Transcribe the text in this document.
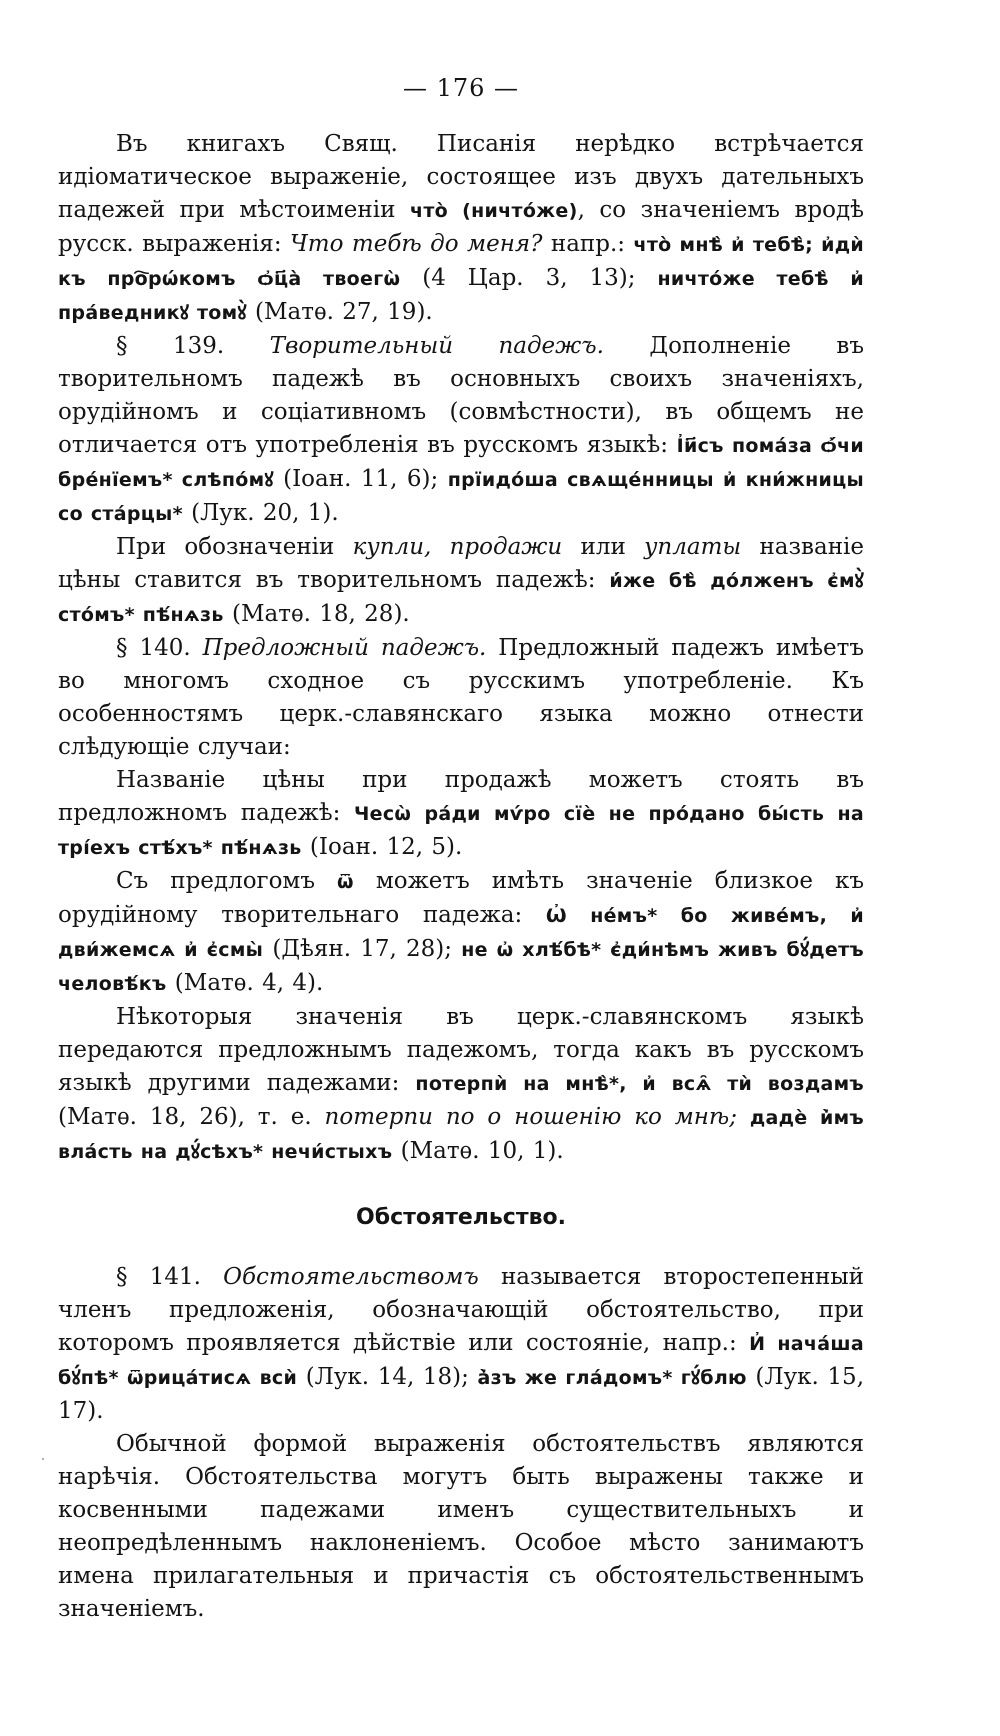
— 176 —

Въ книгахъ Свящ. Писанія нерѣдко встрѣчается идіоматическое выраженіе, состоящее изъ двухъ дательныхъ падежей при мѣстоименіи что̀ (ничто́же), со значеніемъ вродѣ русск. выраженія: Что тебѣ до меня? напр.: что̀ мнѣ̀ и҆ тебѣ̀; и҆дѝ къ про҇рѡ́комъ ѻ҆ц҃а̀ твоегѡ̀ (4 Цар. 3, 13); ничто́же тебѣ̀ и҆ пра́ведникꙋ томꙋ̀ (Матѳ. 27, 19).

§ 139. Творительный падежъ. Дополненіе въ творительномъ падежѣ въ основныхъ своихъ значеніяхъ, орудійномъ и соціативномъ (совмѣстности), въ общемъ не отличается отъ употребленія въ русскомъ языкѣ: І҆и҃съ пома́за ѻ҆́чи бре́нїемъ* слѣпо́мꙋ (Іоан. 11, 6); прїидо́ша свѧще́нницы и҆ кни́жницы со ста́рцы* (Лук. 20, 1).

При обозначеніи купли, продажи или уплаты названіе цѣны ставится въ творительномъ падежѣ: и҆́же бѣ̀ до́лженъ є҆мꙋ̀ сто́мъ* пѣ́нѧзь (Матѳ. 18, 28).

§ 140. Предложный падежъ. Предложный падежъ имѣетъ во многомъ сходное съ русскимъ употребленіе. Къ особенностямъ церк.-славянскаго языка можно отнести слѣдующіе случаи:

Названіе цѣны при продажѣ можетъ стоять въ предложномъ падежѣ: Чесѡ̀ ра́ди мѵ́ро сїѐ не про́дано бы́сть на трі́ехъ стѣ́хъ* пѣ́нѧзь (Іоан. 12, 5).

Съ предлогомъ ѿ можетъ имѣть значеніе близкое къ орудійному творительнаго падежа: Ѡ҆ не́мъ* бо живе́мъ, и҆ дви́жемсѧ и҆ є҆смы̀ (Дѣян. 17, 28); не ѡ҆ хлѣ́бѣ* є҆ди́нѣмъ живъ бꙋ́детъ человѣ́къ (Матѳ. 4, 4).

Нѣкоторыя значенія въ церк.-славянскомъ языкѣ передаются предложнымъ падежомъ, тогда какъ въ русскомъ языкѣ другими падежами: потерпѝ на мнѣ̀*, и҆ всѧ̑ тѝ воздамъ (Матѳ. 18, 26), т. е. потерпи по о ношенію ко мнѣ; дадѐ и҆̀мъ вла́сть на дꙋ́сѣхъ* нечи́стыхъ (Матѳ. 10, 1).

Обстоятельство.

§ 141. Обстоятельствомъ называется второстепенный членъ предложенія, обозначающій обстоятельство, при которомъ проявляется дѣйствіе или состояніе, напр.: И҆ нача́ша бꙋ́пѣ* ѿрица́тисѧ всѝ (Лук. 14, 18); а҆̀зъ же гла́домъ* гꙋ́блю (Лук. 15, 17).

Обычной формой выраженія обстоятельствъ являются нарѣчія. Обстоятельства могутъ быть выражены также и косвенными падежами именъ существительныхъ и неопредѣленнымъ наклоненіемъ. Особое мѣсто занимаютъ имена прилагательныя и причастія съ обстоятельственнымъ значеніемъ.
